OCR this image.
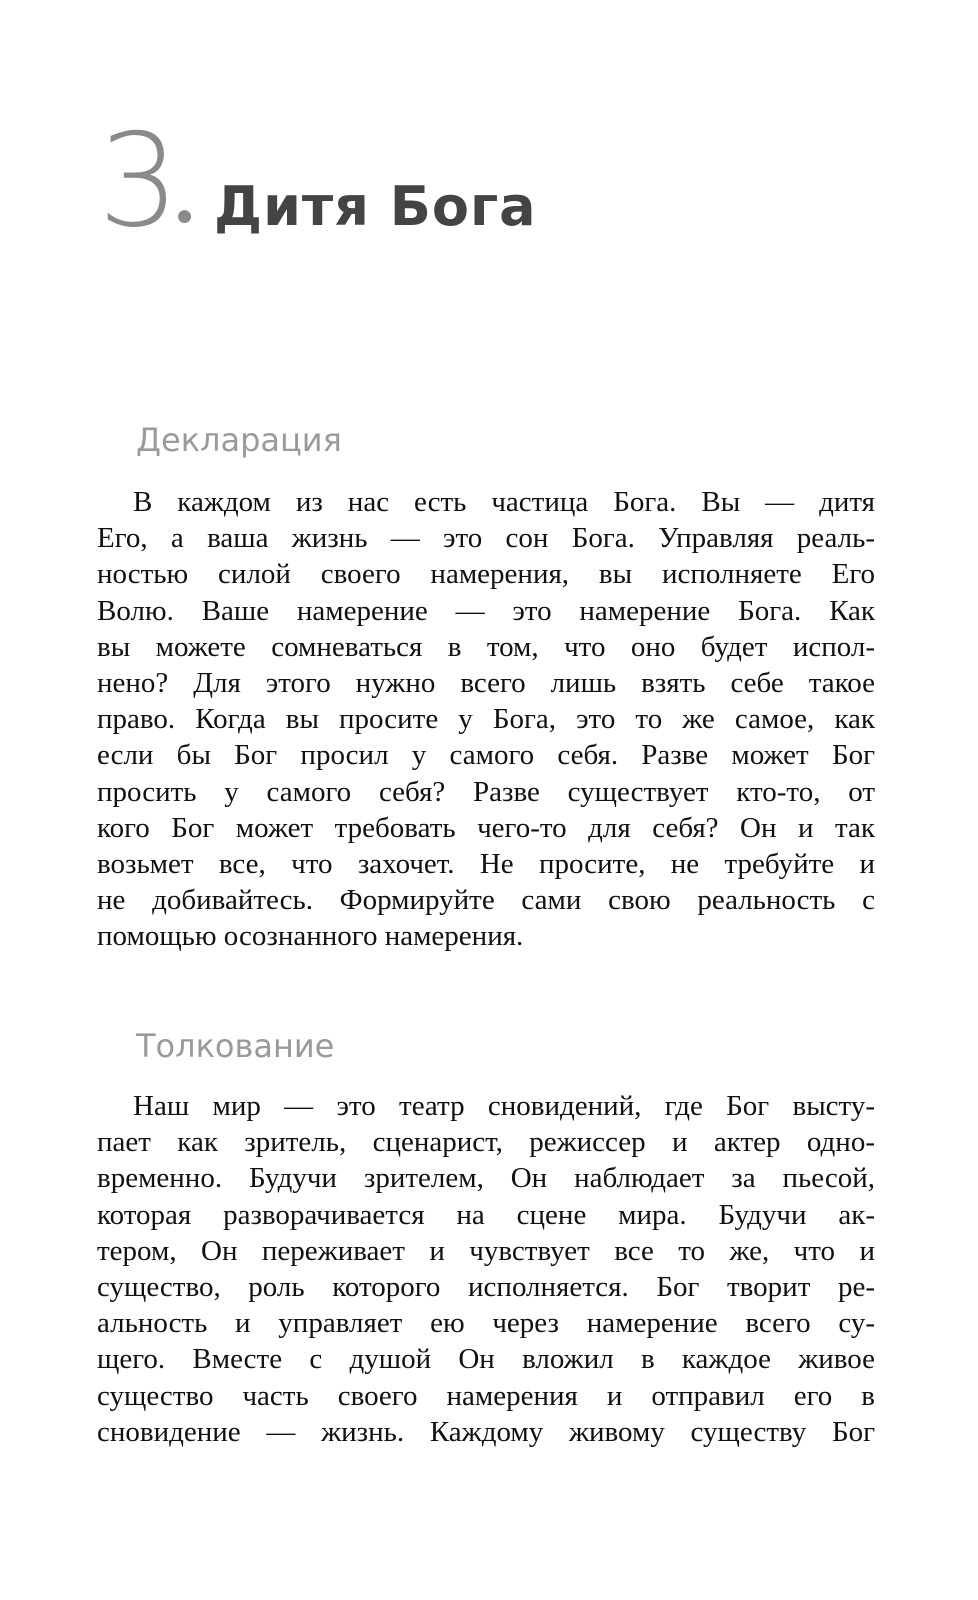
3● Дитя Бога
Декларация
В каждом из нас есть частица Бога. Вы — дитя
Его, а ваша жизнь — это сон Бога. Управляя реаль-
ностью силой своего намерения, вы исполняете Его
Волю. Ваше намерение — это намерение Бога. Как
вы можете сомневаться в том, что оно будет испол-
нено? Для этого нужно всего лишь взять себе такое
право. Когда вы просите у Бога, это то же самое, как
если бы Бог просил у самого себя. Разве может Бог
просить у самого себя? Разве существует кто-то, от
кого Бог может требовать чего-то для себя? Он и так
возьмет все, что захочет. Не просите, не требуйте и
не добивайтесь. Формируйте сами свою реальность с
помощью осознанного намерения.
Толкование
Наш мир — это театр сновидений, где Бог высту-
пает как зритель, сценарист, режиссер и актер одно-
временно. Будучи зрителем, Он наблюдает за пьесой,
которая разворачивается на сцене мира. Будучи ак-
тером, Он переживает и чувствует все то же, что и
существо, роль которого исполняется. Бог творит ре-
альность и управляет ею через намерение всего су-
щего. Вместе с душой Он вложил в каждое живое
существо часть своего намерения и отправил его в
сновидение — жизнь. Каждому живому существу Бог
